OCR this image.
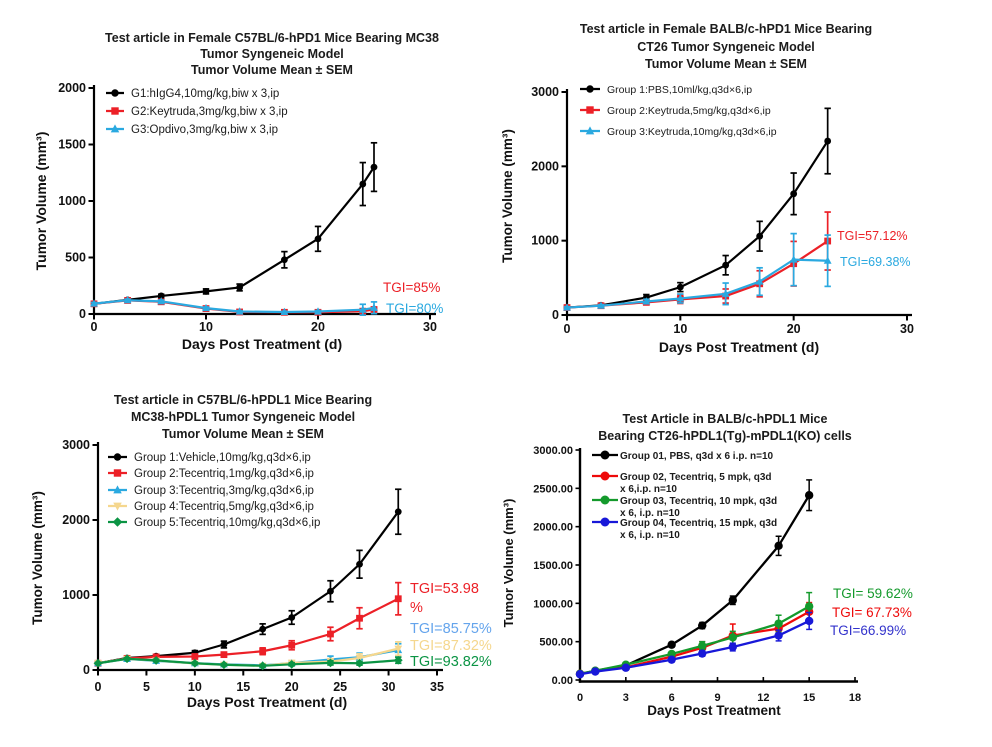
Test article in Female C57BL/6-hPD1 Mice Bearing MC38
Tumor Syngeneic Model
Tumor Volume Mean ± SEM
0	10	20	30
0
500
1000
1500
2000
Days Post Treatment (d)
Tumor Volume (mm³)
G1:hIgG4,10mg/kg,biw x 3,ip
G2:Keytruda,3mg/kg,biw x 3,ip
G3:Opdivo,3mg/kg,biw x 3,ip
TGI=85%
TGI=80%
Test article in Female BALB/c-hPD1 Mice Bearing
CT26 Tumor Syngeneic Model
Tumor Volume Mean ± SEM
0	10	20	30
0
1000
2000
3000
Days Post Treatment (d)
Tumor Volume (mm³)
Group 1:PBS,10ml/kg,q3d×6,ip
Group 2:Keytruda,5mg/kg,q3d×6,ip
Group 3:Keytruda,10mg/kg,q3d×6,ip
TGI=57.12%
TGI=69.38%
Test article in C57BL/6-hPDL1 Mice Bearing
MC38-hPDL1 Tumor Syngeneic Model
Tumor Volume Mean ± SEM
0	5	10	15	20	25	30	35
0
1000
2000
3000
Days Post Treatment (d)
Tumor Volume (mm³)
Group 1:Vehicle,10mg/kg,q3d×6,ip
Group 2:Tecentriq,1mg/kg,q3d×6,ip
Group 3:Tecentriq,3mg/kg,q3d×6,ip
Group 4:Tecentriq,5mg/kg,q3d×6,ip
Group 5:Tecentriq,10mg/kg,q3d×6,ip
TGI=53.98
%
TGI=85.75%
TGI=87.32%
TGI=93.82%
Test Article in BALB/c-hPDL1 Mice
Bearing CT26-hPDL1(Tg)-mPDL1(KO) cells
0	3	6	9	12	15	18
0.00
500.00
1000.00
1500.00
2000.00
2500.00
3000.00
Days Post Treatment
Tumor Volume (mm³)
Group 01, PBS, q3d x 6 i.p. n=10
Group 02, Tecentriq, 5 mpk, q3d
x 6,i.p. n=10
Group 03, Tecentriq, 10 mpk, q3d
x 6, i.p. n=10
Group 04, Tecentriq, 15 mpk, q3d
x 6, i.p. n=10
TGI= 59.62%
TGI= 67.73%
TGI=66.99%
